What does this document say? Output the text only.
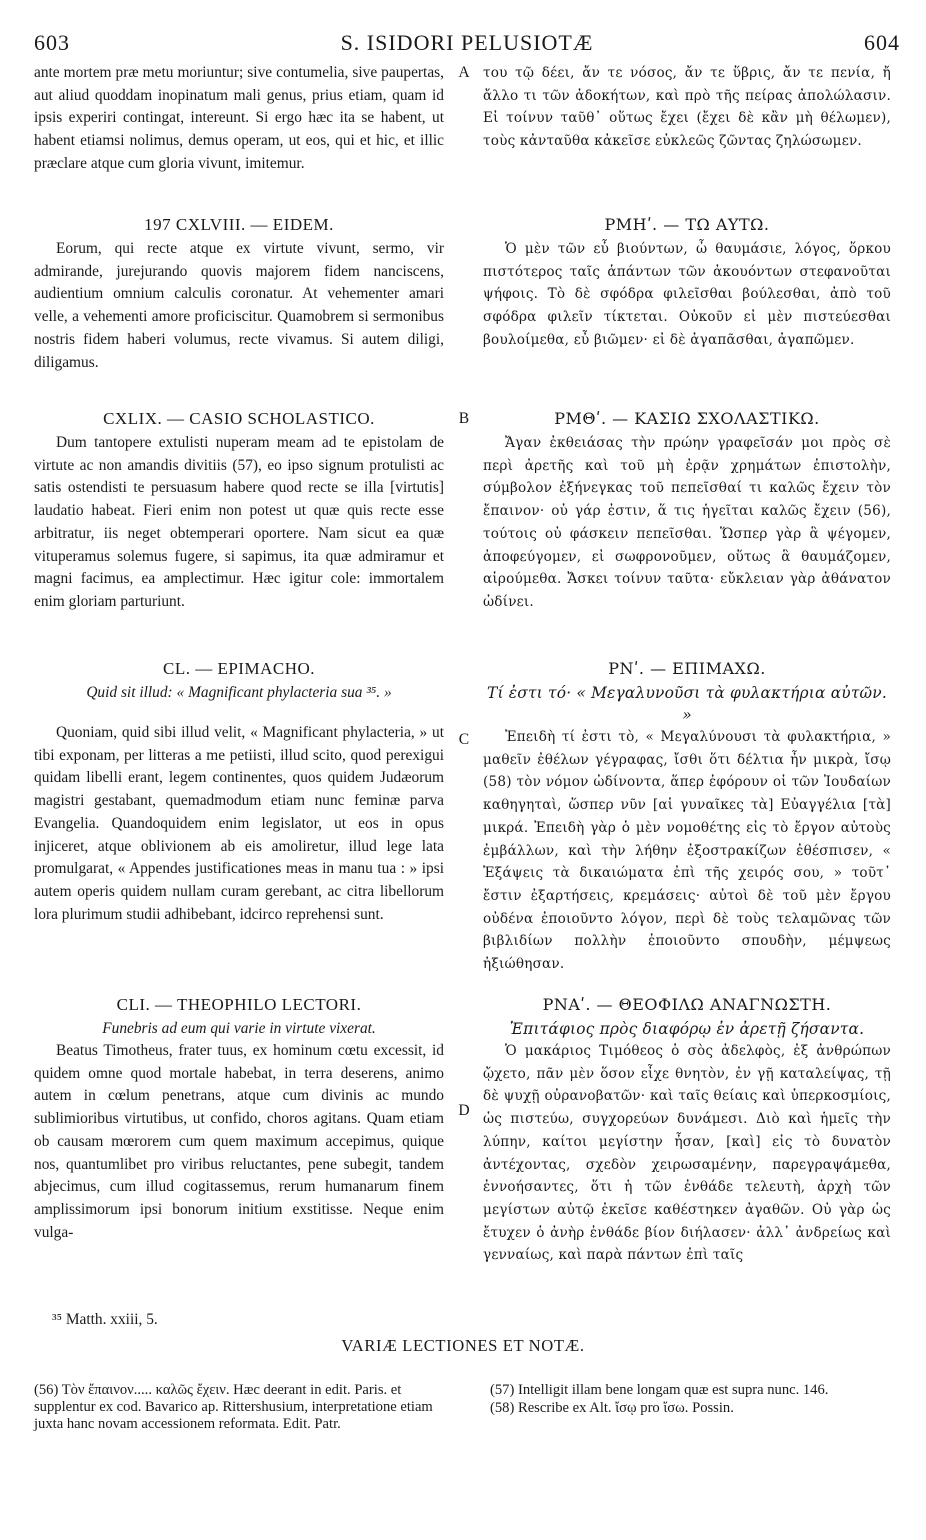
603	S. ISIDORI PELUSIOTÆ	604
A
B
C
D

ante mortem præ metu moriuntur; sive contumelia, sive paupertas, aut aliud quoddam inopinatum mali genus, prius etiam, quam id ipsis experiri contingat, intereunt. Si ergo hæc ita se habent, ut habent etiamsi nolimus, demus operam, ut eos, qui et hic, et illic præclare atque cum gloria vivunt, imitemur.

197 CXLVIII. — EIDEM.

Eorum, qui recte atque ex virtute vivunt, sermo, vir admirande, jurejurando quovis majorem fidem nanciscens, audientium omnium calculis coronatur. At vehementer amari velle, a vehementi amore proficiscitur. Quamobrem si sermonibus nostris fidem haberi volumus, recte vivamus. Si autem diligi, diligamus.

CXLIX. — CASIO SCHOLASTICO.

Dum tantopere extulisti nuperam meam ad te epistolam de virtute ac non amandis divitiis (57), eo ipso signum protulisti ac satis ostendisti te persuasum habere quod recte se illa [virtutis] laudatio habeat. Fieri enim non potest ut quæ quis recte esse arbitratur, iis neget obtemperari oportere. Nam sicut ea quæ vituperamus solemus fugere, si sapimus, ita quæ admiramur et magni facimus, ea amplectimur. Hæc igitur cole: immortalem enim gloriam parturiunt.

CL. — EPIMACHO.
Quid sit illud: « Magnificant phylacteria sua ³⁵. »

Quoniam, quid sibi illud velit, « Magnificant phylacteria, » ut tibi exponam, per litteras a me petiisti, illud scito, quod perexigui quidam libelli erant, legem continentes, quos quidem Judæorum magistri gestabant, quemadmodum etiam nunc feminæ parva Evangelia. Quandoquidem enim legislator, ut eos in opus injiceret, atque oblivionem ab eis amoliretur, illud lege lata promulgarat, « Appendes justificationes meas in manu tua : » ipsi autem operis quidem nullam curam gerebant, ac citra libellorum lora plurimum studii adhibebant, idcirco reprehensi sunt.

CLI. — THEOPHILO LECTORI.
Funebris ad eum qui varie in virtute vixerat.

Beatus Timotheus, frater tuus, ex hominum cœtu excessit, id quidem omne quod mortale habebat, in terra deserens, animo autem in cœlum penetrans, atque cum divinis ac mundo sublimioribus virtutibus, ut confido, choros agitans. Quam etiam ob causam mœrorem cum quem maximum accepimus, quique nos, quantumlibet pro viribus reluctantes, pene subegit, tandem abjecimus, cum illud cogitassemus, rerum humanarum finem amplissimorum ipsi bonorum initium exstitisse. Neque enim vulga-

του τῷ δέει, ἄν τε νόσος, ἄν τε ὕβρις, ἄν τε πενία, ἤ ἄλλο τι τῶν ἀδοκήτων, καὶ πρὸ τῆς πείρας ἀπολώλασιν. Εἰ τοίνυν ταῦθ᾽ οὕτως ἔχει (ἔχει δὲ κἂν μὴ θέλωμεν), τοὺς κἀνταῦθα κἀκεῖσε εὐκλεῶς ζῶντας ζηλώσωμεν.

ΡΜΗʹ. — ΤΩ ΑΥΤΩ.

Ὁ μὲν τῶν εὖ βιούντων, ὦ θαυμάσιε, λόγος, ὅρκου πιστότερος ταῖς ἁπάντων τῶν ἀκουόντων στεφανοῦται ψήφοις. Τὸ δὲ σφόδρα φιλεῖσθαι βούλεσθαι, ἀπὸ τοῦ σφόδρα φιλεῖν τίκτεται. Οὐκοῦν εἰ μὲν πιστεύεσθαι βουλοίμεθα, εὖ βιῶμεν· εἰ δὲ ἀγαπᾶσθαι, ἀγαπῶμεν.

ΡΜΘʹ. — ΚΑΣΙΩ ΣΧΟΛΑΣΤΙΚΩ.

Ἄγαν ἐκθειάσας τὴν πρώην γραφεῖσάν μοι πρὸς σὲ περὶ ἀρετῆς καὶ τοῦ μὴ ἐρᾷν χρημάτων ἐπιστολὴν, σύμβολον ἐξήνεγκας τοῦ πεπεῖσθαί τι καλῶς ἔχειν τὸν ἔπαινον· οὐ γάρ ἐστιν, ἅ τις ἡγεῖται καλῶς ἔχειν (56), τούτοις οὐ φάσκειν πεπεῖσθαι. Ὥσπερ γὰρ ἃ ψέγομεν, ἀποφεύγομεν, εἰ σωφρονοῦμεν, οὕτως ἃ θαυμάζομεν, αἱρούμεθα. Ἄσκει τοίνυν ταῦτα· εὔκλειαν γὰρ ἀθάνατον ὠδίνει.

ΡΝʹ. — ΕΠΙΜΑΧΩ.
Τί ἐστι τό· « Μεγαλυνοῦσι τὰ φυλακτήρια αὐτῶν. »

Ἐπειδὴ τί ἐστι τὸ, « Μεγαλύνουσι τὰ φυλακτήρια, » μαθεῖν ἐθέλων γέγραφας, ἴσθι ὅτι δέλτια ἦν μικρὰ, ἴσῳ (58) τὸν νόμον ὠδίνοντα, ἅπερ ἐφόρουν οἱ τῶν Ἰουδαίων καθηγηταὶ, ὥσπερ νῦν [αἱ γυναῖκες τὰ] Εὐαγγέλια [τὰ] μικρά. Ἐπειδὴ γὰρ ὁ μὲν νομοθέτης εἰς τὸ ἔργον αὐτοὺς ἐμβάλλων, καὶ τὴν λήθην ἐξοστρακίζων ἐθέσπισεν, « Ἐξάψεις τὰ δικαιώματα ἐπὶ τῆς χειρός σου, » τοῦτ᾽ ἔστιν ἐξαρτήσεις, κρεμάσεις· αὐτοὶ δὲ τοῦ μὲν ἔργου οὐδένα ἐποιοῦντο λόγον, περὶ δὲ τοὺς τελαμῶνας τῶν βιβλιδίων πολλὴν ἐποιοῦντο σπουδὴν, μέμψεως ἠξιώθησαν.

ΡΝΑʹ. — ΘΕΟΦΙΛΩ ΑΝΑΓΝΩΣΤΗ.
Ἐπιτάφιος πρὸς διαφόρῳ ἐν ἀρετῇ ζήσαντα.

Ὁ μακάριος Τιμόθεος ὁ σὸς ἀδελφὸς, ἐξ ἀνθρώπων ᾤχετο, πᾶν μὲν ὅσον εἶχε θνητὸν, ἐν γῇ καταλείψας, τῇ δὲ ψυχῇ οὐρανοβατῶν· καὶ ταῖς θείαις καὶ ὑπερκοσμίοις, ὡς πιστεύω, συγχορεύων δυνάμεσι. Διὸ καὶ ἡμεῖς τὴν λύπην, καίτοι μεγίστην ἦσαν, [καὶ] εἰς τὸ δυνατὸν ἀντέχοντας, σχεδὸν χειρωσαμένην, παρεγραψάμεθα, ἐννοήσαντες, ὅτι ἡ τῶν ἐνθάδε τελευτὴ, ἀρχὴ τῶν μεγίστων αὐτῷ ἐκεῖσε καθέστηκεν ἀγαθῶν. Οὐ γὰρ ὡς ἔτυχεν ὁ ἀνὴρ ἐνθάδε βίον διήλασεν· ἀλλ᾽ ἀνδρείως καὶ γενναίως, καὶ παρὰ πάντων ἐπὶ ταῖς

³⁵ Matth. xxiii, 5.
VARIÆ LECTIONES ET NOTÆ.
(56) Τὸν ἔπαινον..... καλῶς ἔχειν. Hæc deerant in edit. Paris. et supplentur ex cod. Bavarico ap. Rittershusium, interpretatione etiam juxta hanc novam accessionem reformata. Edit. Patr.
(57) Intelligit illam bene longam quæ est supra nunc. 146.
(58) Rescribe ex Alt. ἴσῳ pro ἴσω. Possin.
